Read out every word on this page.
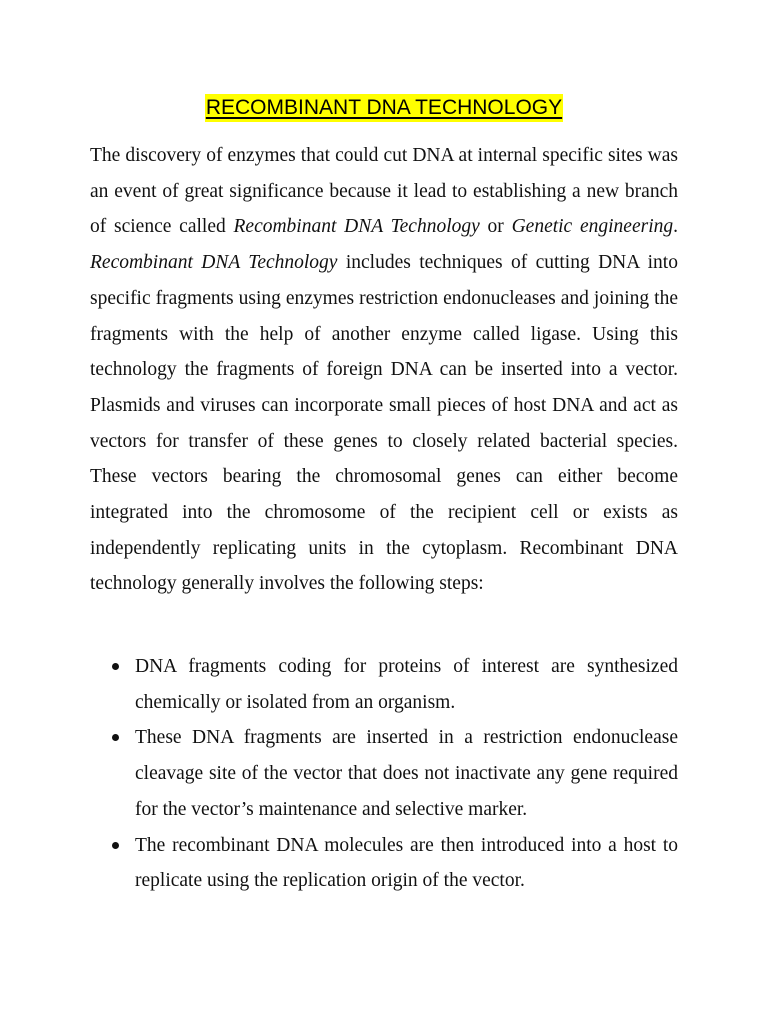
RECOMBINANT DNA TECHNOLOGY

The discovery of enzymes that could cut DNA at internal specific sites was an event of great significance because it lead to establishing a new branch of science called Recombinant DNA Technology or Genetic engineering. Recombinant DNA Technology includes techniques of cutting DNA into specific fragments using enzymes restriction endonucleases and joining the fragments with the help of another enzyme called ligase. Using this technology the fragments of foreign DNA can be inserted into a vector. Plasmids and viruses can incorporate small pieces of host DNA and act as vectors for transfer of these genes to closely related bacterial species. These vectors bearing the chromosomal genes can either become integrated into the chromosome of the recipient cell or exists as independently replicating units in the cytoplasm. Recombinant DNA technology generally involves the following steps:

DNA fragments coding for proteins of interest are synthesized chemically or isolated from an organism.
These DNA fragments are inserted in a restriction endonuclease cleavage site of the vector that does not inactivate any gene required for the vector’s maintenance and selective marker.
The recombinant DNA molecules are then introduced into a host to replicate using the replication origin of the vector.
